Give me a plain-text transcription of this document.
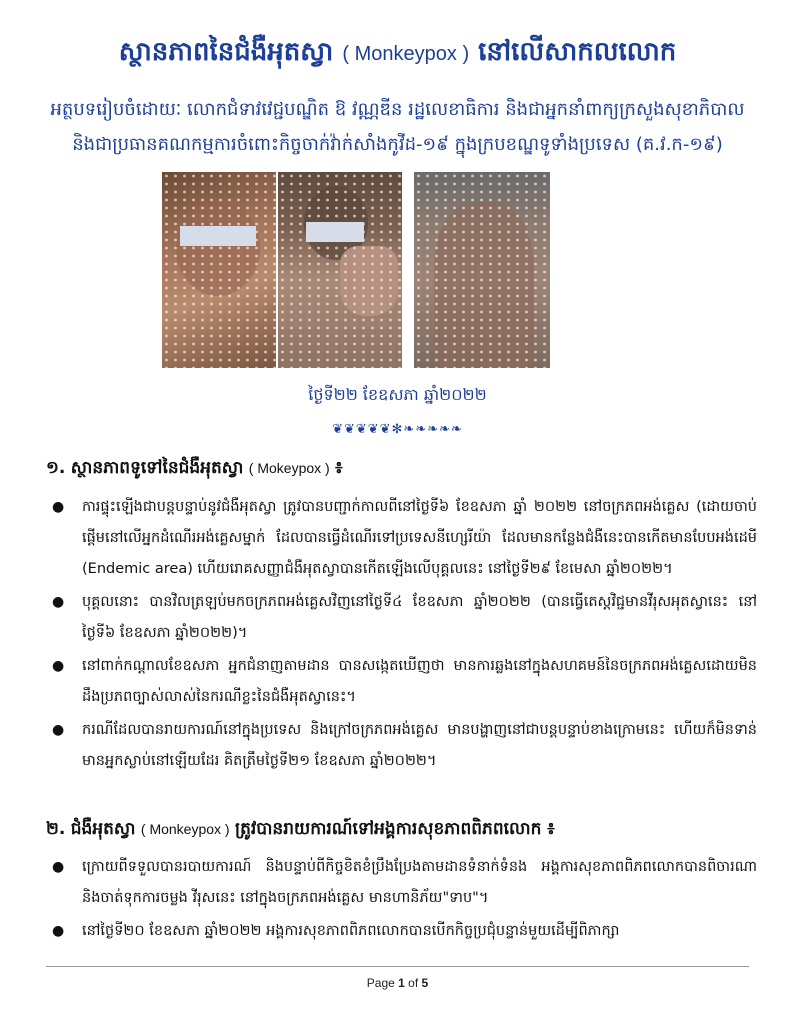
ស្ថានភាពនៃជំងឺអុតស្វា ( Monkeypox ) នៅលើសាកលលោក
អត្ថបទរៀបចំដោយៈ លោកជំទាវវេជ្ជបណ្ឌិត ឱ វណ្ណឌីន រដ្ឋលេខាធិការ និងជាអ្នកនាំពាក្យក្រសួងសុខាភិបាល
និងជាប្រធានគណកម្មការចំពោះកិច្ចចាក់វ៉ាក់សាំងកូវីដ-១៩ ក្នុងក្របខណ្ឌទូទាំងប្រទេស (គ.វ.ក-១៩)
ថ្ងៃទី២២ ខែឧសភា ឆ្នាំ២០២២
❦❦❦❦❦✻❧❧❧❧❧
១. ស្ថានភាពទូទៅនៃជំងឺអុតស្វា ( Mokeypox ) ៖
● ការផ្ទុះឡើងជាបន្តបន្ទាប់នូវជំងឺអុតស្វា ត្រូវបានបញ្ជាក់កាលពីនៅថ្ងៃទី៦ ខែឧសភា ឆ្នាំ ២០២២ នៅចក្រភពអង់គ្លេស (ដោយចាប់ផ្តើមនៅលើអ្នកដំណើរអង់គ្លេសម្នាក់ ដែលបានធ្វើដំណើរទៅប្រទេសនីហ្សេរីយ៉ា ដែលមានកន្លែងជំងឺនេះបានកើតមានបែបអង់ដេមី (Endemic area) ហើយរោគសញ្ញាជំងឺអុតស្វាបានកើតឡើងលើបុគ្គលនេះ នៅថ្ងៃទី២៩ ខែមេសា ឆ្នាំ២០២២។
● បុគ្គលនោះ បានវិលត្រឡប់មកចក្រភពអង់គ្លេសវិញនៅថ្ងៃទី៤ ខែឧសភា ឆ្នាំ២០២២ (បានធ្វើតេស្តវិជ្ជមានវីរុសអុតស្វានេះ នៅថ្ងៃទី៦ ខែឧសភា ឆ្នាំ២០២២)។
● នៅពាក់កណ្តាលខែឧសភា អ្នកជំនាញតាមដាន បានសង្កេតឃើញថា មានការឆ្លងនៅក្នុងសហគមន៍នៃចក្រភពអង់គ្លេសដោយមិនដឹងប្រភពច្បាស់លាស់នៃករណីខ្លះនៃជំងឺអុតស្វានេះ។
● ករណីដែលបានរាយការណ៍នៅក្នុងប្រទេស និងក្រៅចក្រភពអង់គ្លេស មានបង្ហាញនៅជាបន្តបន្ទាប់ខាងក្រោមនេះ ហើយក៏មិនទាន់មានអ្នកស្លាប់នៅឡើយដែរ គិតត្រឹមថ្ងៃទី២១ ខែឧសភា ឆ្នាំ២០២២។
២. ជំងឺអុតស្វា ( Monkeypox ) ត្រូវបានរាយការណ៍ទៅអង្គការសុខភាពពិភពលោក ៖
● ក្រោយពីទទួលបានរបាយការណ៍ និងបន្ទាប់ពីកិច្ចខិតខំប្រឹងប្រែងតាមដានទំនាក់ទំនង អង្គការសុខភាពពិភពលោកបានពិចារណា និងចាត់ទុកការចម្លង វីរុសនេះ នៅក្នុងចក្រភពអង់គ្លេស មានហានិភ័យ"ទាប"។
● នៅថ្ងៃទី២០ ខែឧសភា ឆ្នាំ២០២២ អង្គការសុខភាពពិភពលោកបានបើកកិច្ចប្រជុំបន្ទាន់មួយដើម្បីពិភាក្សា
Page 1 of 5
